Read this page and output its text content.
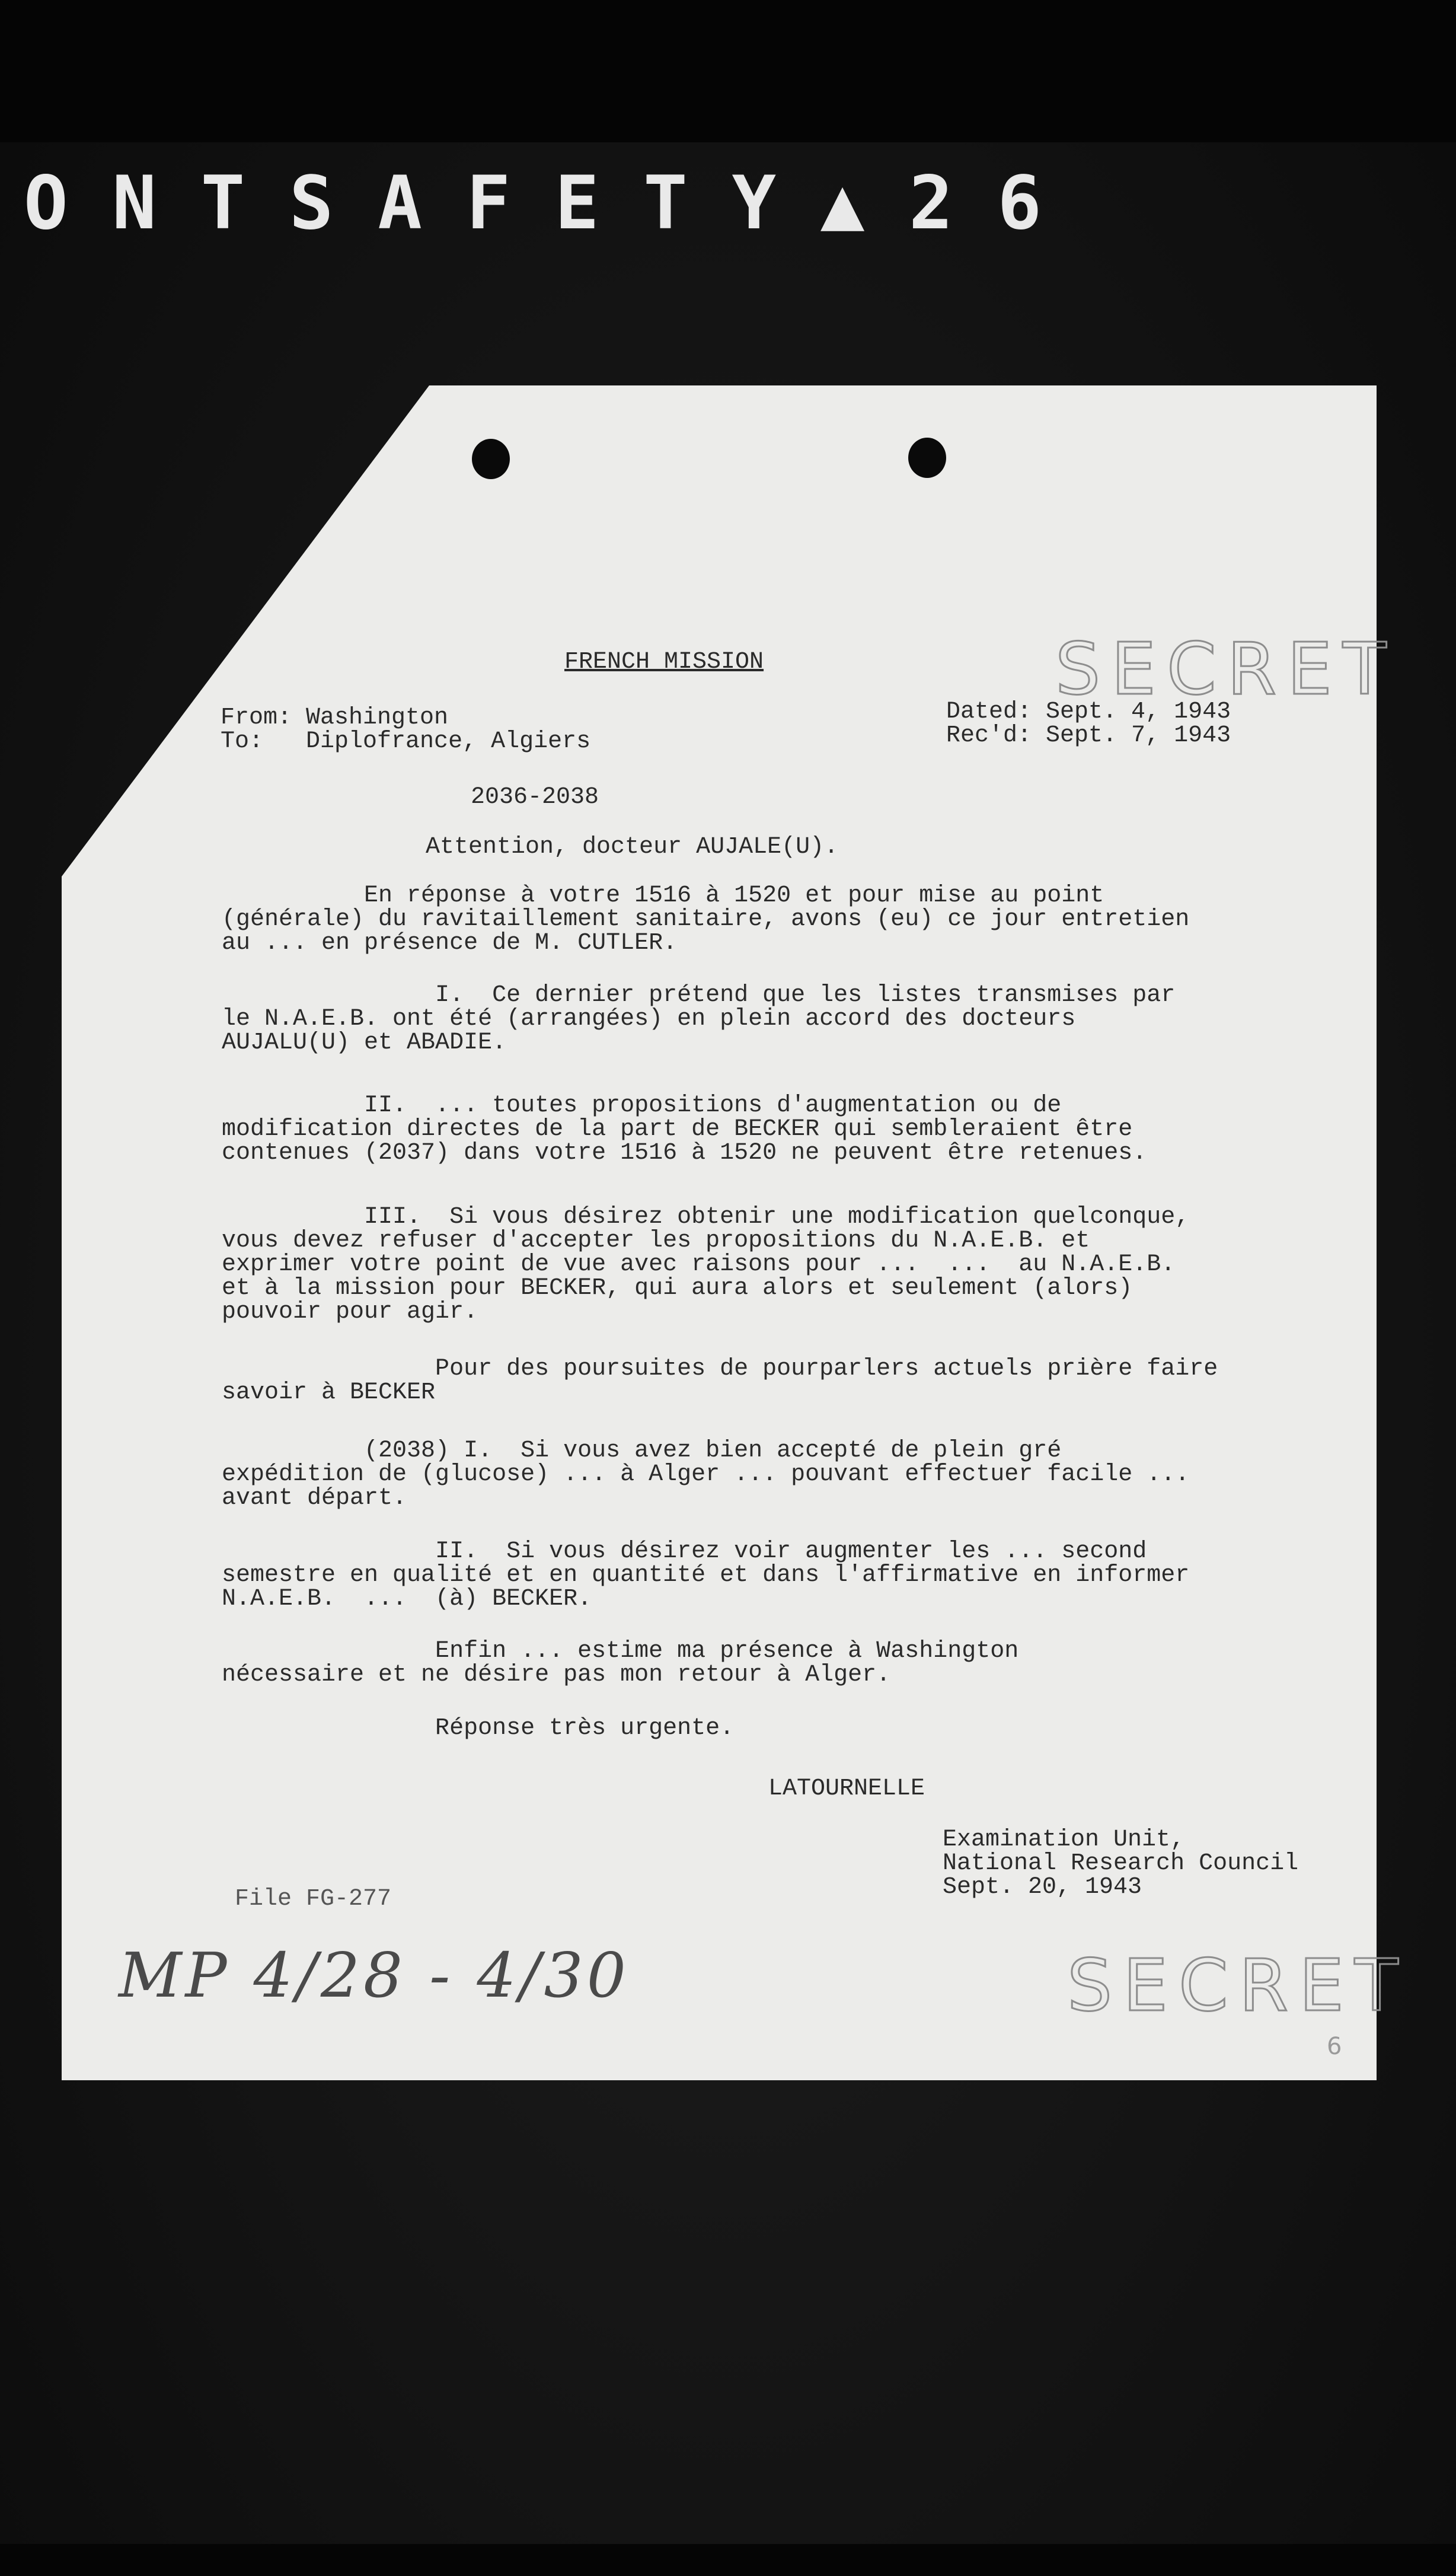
O N T S A F E T Y ▲ 2 6
FRENCH MISSION	SECRET
From: Washington
To:   Diplofrance, Algiers
Dated: Sept. 4, 1943
Rec'd: Sept. 7, 1943
2036-2038
Attention, docteur AUJALE(U).
En réponse à votre 1516 à 1520 et pour mise au point
(générale) du ravitaillement sanitaire, avons (eu) ce jour entretien
au ... en présence de M. CUTLER.
I.  Ce dernier prétend que les listes transmises par
le N.A.E.B. ont été (arrangées) en plein accord des docteurs
AUJALU(U) et ABADIE.
II.  ... toutes propositions d'augmentation ou de
modification directes de la part de BECKER qui sembleraient être
contenues (2037) dans votre 1516 à 1520 ne peuvent être retenues.
III.  Si vous désirez obtenir une modification quelconque,
vous devez refuser d'accepter les propositions du N.A.E.B. et
exprimer votre point de vue avec raisons pour ...  ...  au N.A.E.B.
et à la mission pour BECKER, qui aura alors et seulement (alors)
pouvoir pour agir.
Pour des poursuites de pourparlers actuels prière faire
savoir à BECKER
(2038) I.  Si vous avez bien accepté de plein gré
expédition de (glucose) ... à Alger ... pouvant effectuer facile ...
avant départ.
II.  Si vous désirez voir augmenter les ... second
semestre en qualité et en quantité et dans l'affirmative en informer
N.A.E.B.  ...  (à) BECKER.
Enfin ... estime ma présence à Washington
nécessaire et ne désire pas mon retour à Alger.
Réponse très urgente.
LATOURNELLE
Examination Unit,
National Research Council
Sept. 20, 1943
File FG-277
MP 4/28 - 4/30	SECRET
6
